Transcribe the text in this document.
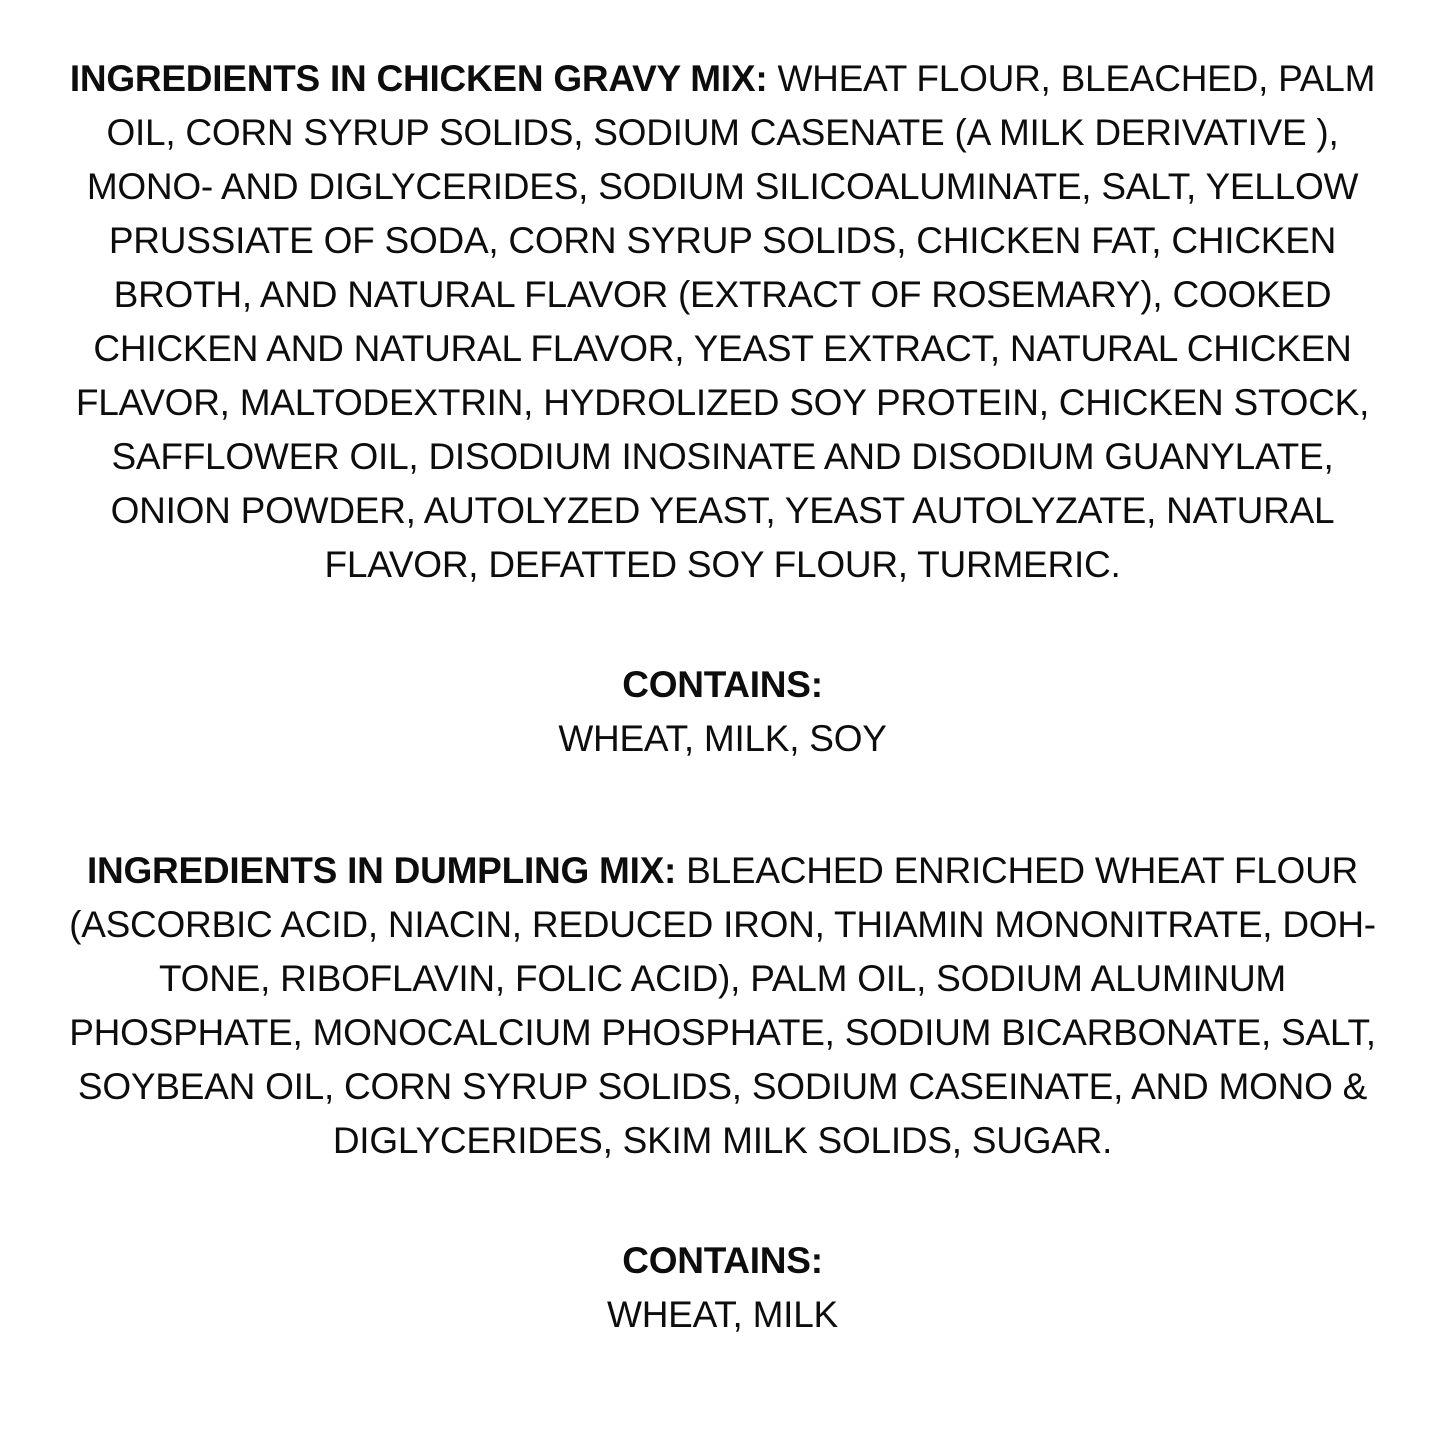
INGREDIENTS IN CHICKEN GRAVY MIX: WHEAT FLOUR, BLEACHED, PALM OIL, CORN SYRUP SOLIDS, SODIUM CASENATE (A MILK DERIVATIVE ), MONO- AND DIGLYCERIDES, SODIUM SILICOALUMINATE, SALT, YELLOW PRUSSIATE OF SODA, CORN SYRUP SOLIDS, CHICKEN FAT, CHICKEN BROTH, AND NATURAL FLAVOR (EXTRACT OF ROSEMARY), COOKED CHICKEN AND NATURAL FLAVOR, YEAST EXTRACT, NATURAL CHICKEN FLAVOR, MALTODEXTRIN, HYDROLIZED SOY PROTEIN, CHICKEN STOCK, SAFFLOWER OIL, DISODIUM INOSINATE AND DISODIUM GUANYLATE, ONION POWDER, AUTOLYZED YEAST, YEAST AUTOLYZATE, NATURAL FLAVOR, DEFATTED SOY FLOUR, TURMERIC.

CONTAINS:

WHEAT, MILK, SOY

INGREDIENTS IN DUMPLING MIX: BLEACHED ENRICHED WHEAT FLOUR (ASCORBIC ACID, NIACIN, REDUCED IRON, THIAMIN MONONITRATE, DOH-TONE, RIBOFLAVIN, FOLIC ACID), PALM OIL, SODIUM ALUMINUM PHOSPHATE, MONOCALCIUM PHOSPHATE, SODIUM BICARBONATE, SALT, SOYBEAN OIL, CORN SYRUP SOLIDS, SODIUM CASEINATE, AND MONO & DIGLYCERIDES, SKIM MILK SOLIDS, SUGAR.

CONTAINS:

WHEAT, MILK
